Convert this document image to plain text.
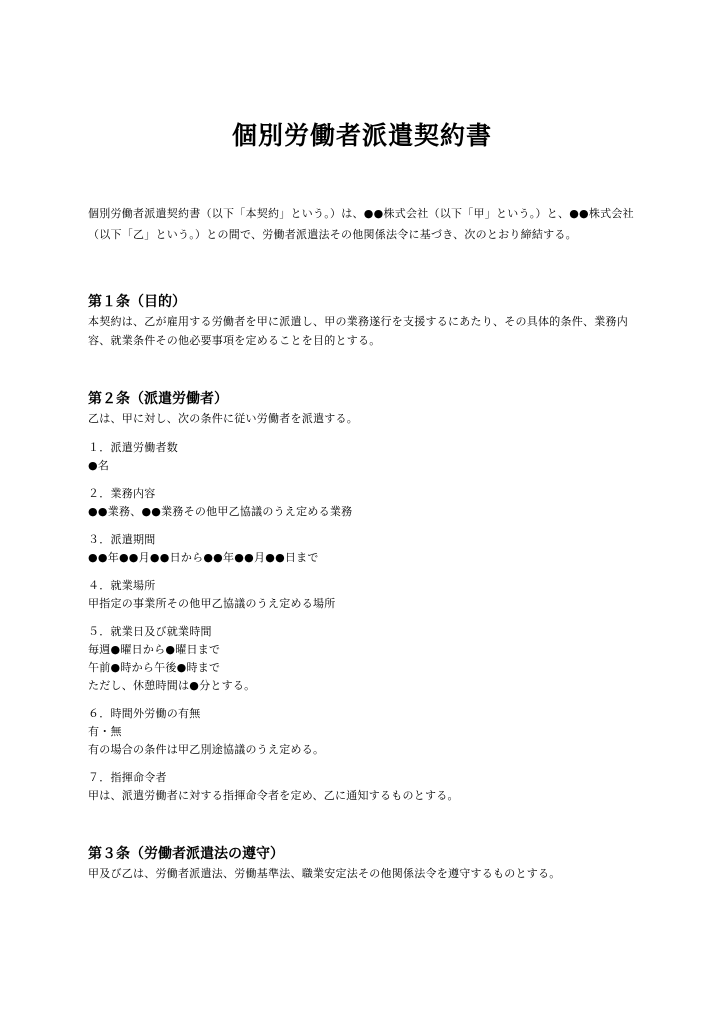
個別労働者派遣契約書

個別労働者派遣契約書（以下「本契約」という。）は、●●株式会社（以下「甲」という。）と、●●株式会社（以下「乙」という。）との間で、労働者派遣法その他関係法令に基づき、次のとおり締結する。

第１条（目的）

本契約は、乙が雇用する労働者を甲に派遣し、甲の業務遂行を支援するにあたり、その具体的条件、業務内容、就業条件その他必要事項を定めることを目的とする。

第２条（派遣労働者）

乙は、甲に対し、次の条件に従い労働者を派遣する。

１．派遣労働者数
●名
２．業務内容
●●業務、●●業務その他甲乙協議のうえ定める業務
３．派遣期間
●●年●●月●●日から●●年●●月●●日まで
４．就業場所
甲指定の事業所その他甲乙協議のうえ定める場所
５．就業日及び就業時間
毎週●曜日から●曜日まで
午前●時から午後●時まで
ただし、休憩時間は●分とする。
６．時間外労働の有無
有・無
有の場合の条件は甲乙別途協議のうえ定める。
７．指揮命令者
甲は、派遣労働者に対する指揮命令者を定め、乙に通知するものとする。
第３条（労働者派遣法の遵守）

甲及び乙は、労働者派遣法、労働基準法、職業安定法その他関係法令を遵守するものとする。
